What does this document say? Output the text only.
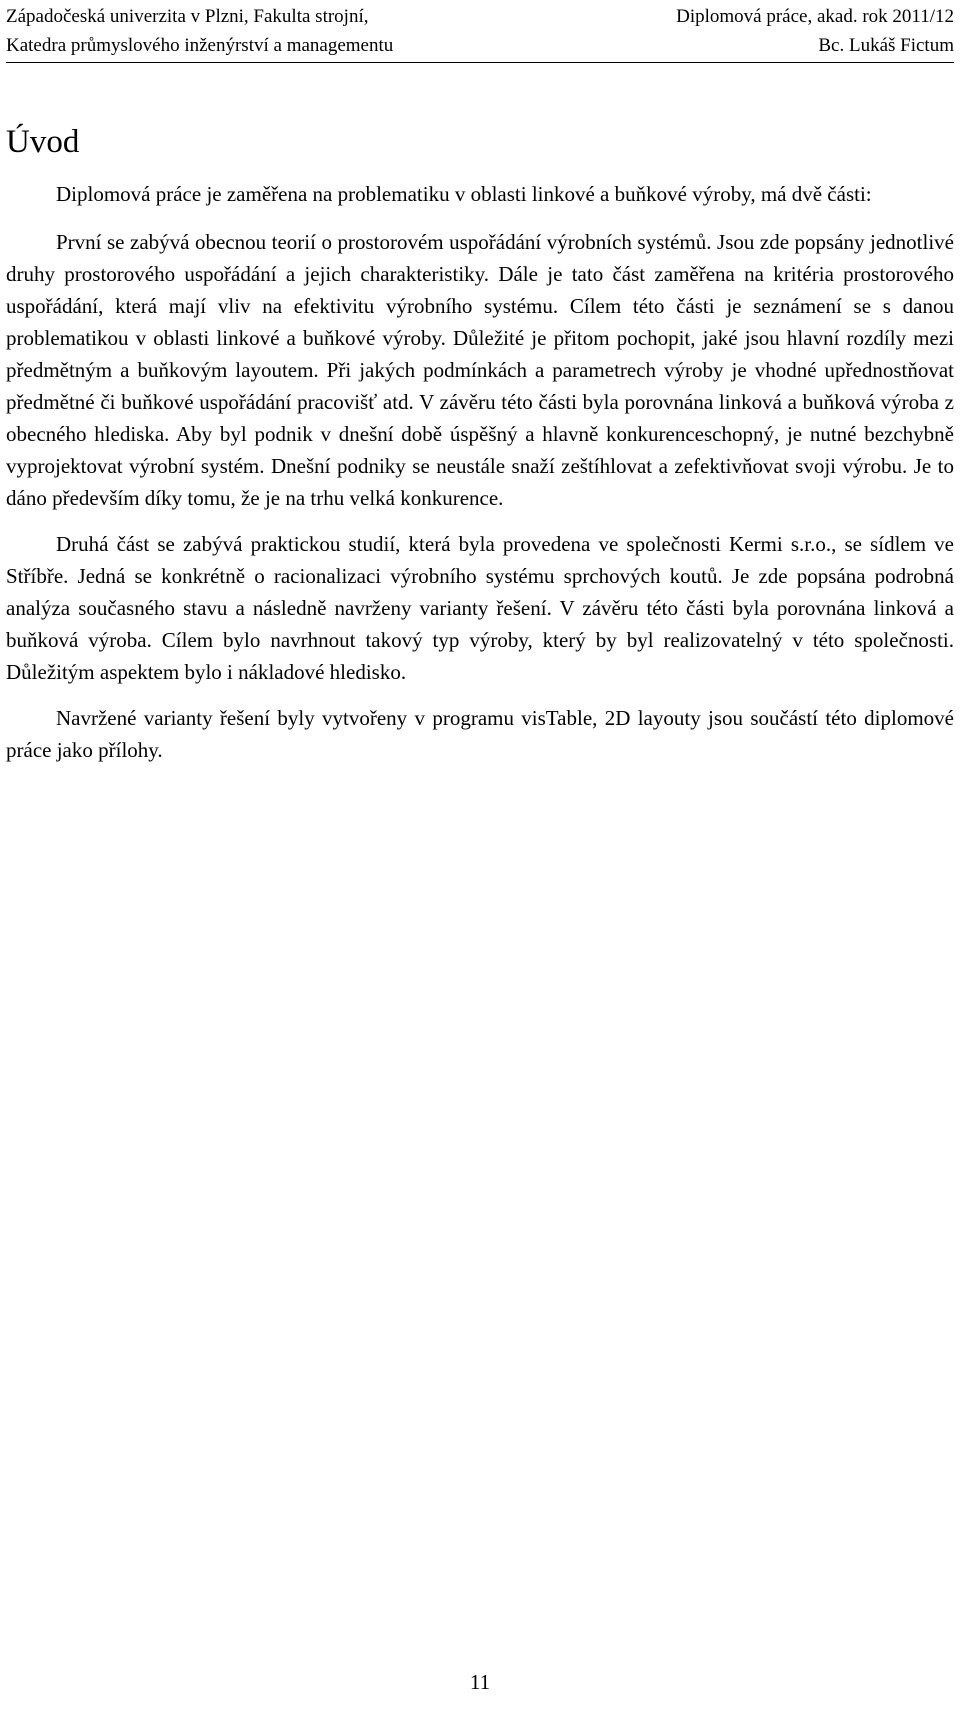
Západočeská univerzita v Plzni, Fakulta strojní,	Diplomová práce, akad. rok 2011/12
Katedra průmyslového inženýrství a managementu	Bc. Lukáš Fictum
Úvod

Diplomová práce je zaměřena na problematiku v oblasti linkové a buňkové výroby, má dvě části:

První se zabývá obecnou teorií o prostorovém uspořádání výrobních systémů. Jsou zde popsány jednotlivé druhy prostorového uspořádání a jejich charakteristiky. Dále je tato část zaměřena na kritéria prostorového uspořádání, která mají vliv na efektivitu výrobního systému. Cílem této části je seznámení se s danou problematikou v oblasti linkové a buňkové výroby. Důležité je přitom pochopit, jaké jsou hlavní rozdíly mezi předmětným a buňkovým layoutem. Při jakých podmínkách a parametrech výroby je vhodné upřednostňovat předmětné či buňkové uspořádání pracovišť atd. V závěru této části byla porovnána linková a buňková výroba z obecného hlediska. Aby byl podnik v dnešní době úspěšný a hlavně konkurenceschopný, je nutné bezchybně vyprojektovat výrobní systém. Dnešní podniky se neustále snaží zeštíhlovat a zefektivňovat svoji výrobu. Je to dáno především díky tomu, že je na trhu velká konkurence.

Druhá část se zabývá praktickou studií, která byla provedena ve společnosti Kermi s.r.o., se sídlem ve Stříbře. Jedná se konkrétně o racionalizaci výrobního systému sprchových koutů. Je zde popsána podrobná analýza současného stavu a následně navrženy varianty řešení. V závěru této části byla porovnána linková a buňková výroba. Cílem bylo navrhnout takový typ výroby, který by byl realizovatelný v této společnosti. Důležitým aspektem bylo i nákladové hledisko.

Navržené varianty řešení byly vytvořeny v programu visTable, 2D layouty jsou součástí této diplomové práce jako přílohy.

11
